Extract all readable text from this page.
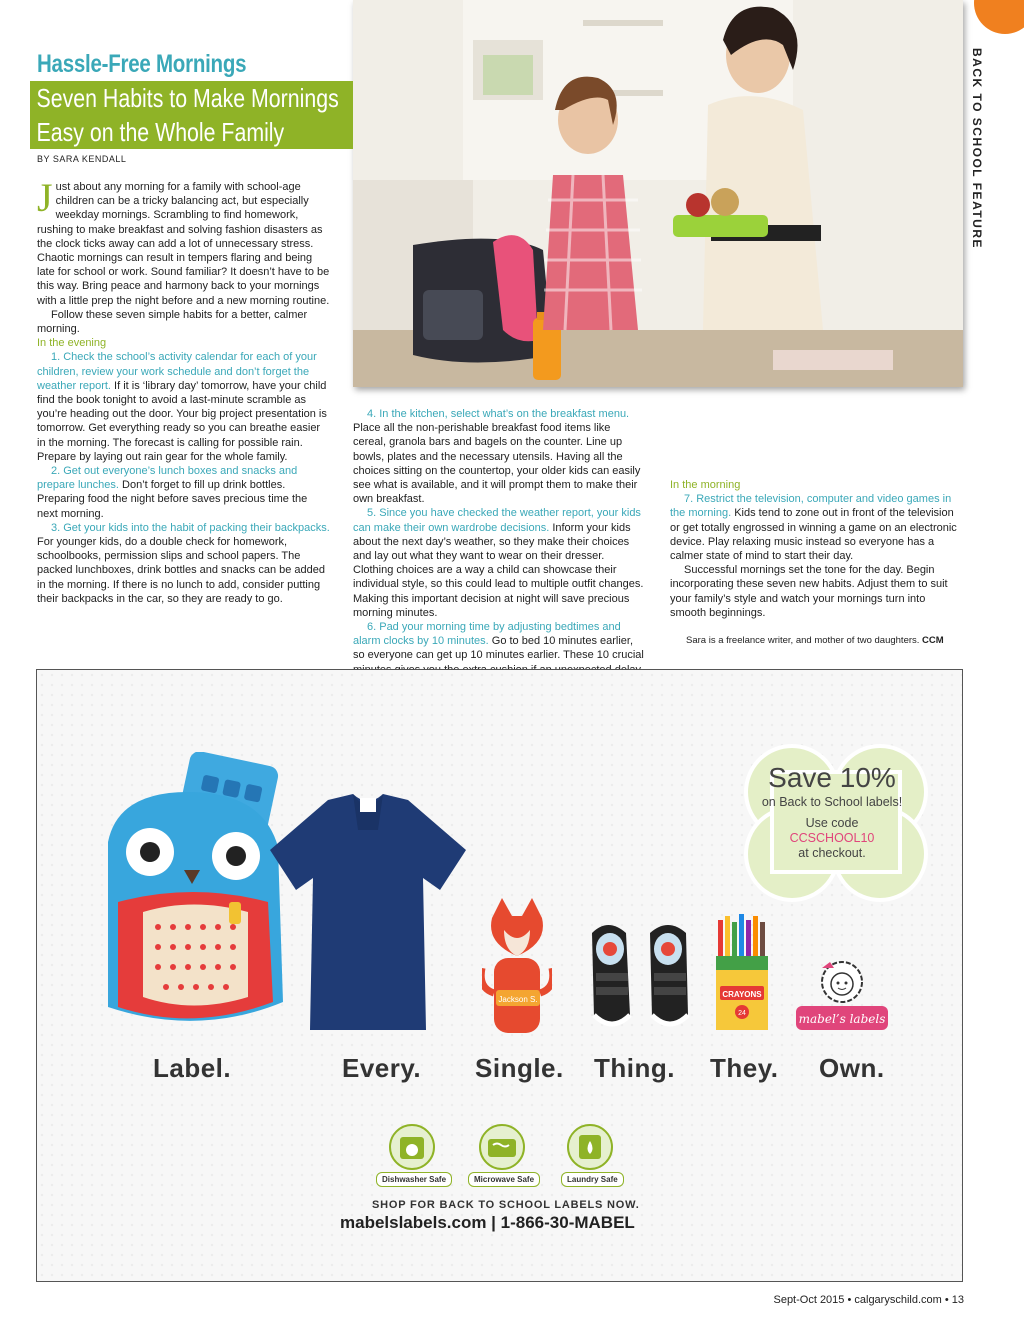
BACK TO SCHOOL FEATURE
Hassle-Free Mornings
Seven Habits to Make Mornings
Easy on the Whole Family
BY SARA KENDALL

Just about any morning for a family with school-age children can be a tricky balancing act, but especially weekday mornings. Scrambling to find homework, rushing to make breakfast and solving fashion disasters as the clock ticks away can add a lot of unnecessary stress. Chaotic mornings can result in tempers flaring and being late for school or work. Sound familiar? It doesn’t have to be this way. Bring peace and harmony back to your mornings with a little prep the night before and a new morning routine.

Follow these seven simple habits for a better, calmer morning.

In the evening

1. Check the school’s activity calendar for each of your children, review your work schedule and don’t forget the weather report. If it is ‘library day’ tomorrow, have your child find the book tonight to avoid a last-minute scramble as you’re heading out the door. Your big project presentation is tomorrow. Get everything ready so you can breathe easier in the morning. The forecast is calling for possible rain. Prepare by laying out rain gear for the whole family.

2. Get out everyone’s lunch boxes and snacks and prepare lunches. Don’t forget to fill up drink bottles. Preparing food the night before saves precious time the next morning.

3. Get your kids into the habit of packing their backpacks. For younger kids, do a double check for homework, schoolbooks, permission slips and school papers. The packed lunchboxes, drink bottles and snacks can be added in the morning. If there is no lunch to add, consider putting their backpacks in the car, so they are ready to go.

4. In the kitchen, select what’s on the breakfast menu. Place all the non-perishable breakfast food items like cereal, granola bars and bagels on the counter. Line up bowls, plates and the necessary utensils. Having all the choices sitting on the countertop, your older kids can easily see what is available, and it will prompt them to make their own breakfast.

5. Since you have checked the weather report, your kids can make their own wardrobe decisions. Inform your kids about the next day’s weather, so they make their choices and lay out what they want to wear on their dresser. Clothing choices are a way a child can showcase their individual style, so this could lead to multiple outfit changes. Making this important decision at night will save precious morning minutes.

6. Pad your morning time by adjusting bedtimes and alarm clocks by 10 minutes. Go to bed 10 minutes earlier, so everyone can get up 10 minutes earlier. These 10 crucial

In the morning

7. Restrict the television, computer and video games in the morning. Kids tend to zone out in front of the television or get totally engrossed in winning a game on an electronic device. Play relaxing music instead so everyone has a calmer state of mind to start their day.

Successful mornings set the tone for the day. Begin incorporating these seven new habits. Adjust them to suit your family’s style and watch your mornings turn into smooth beginnings.

Sara is a freelance writer, and mother of two daughters. CCM
Save 10%
on Back to School labels!
Use code
CCSCHOOL10
at checkout.
Jackson S.
CRAYONS
24	mabel’s labels
Label.	Every. Single. Thing. They. Own.
Dishwasher Safe	Microwave Safe	Laundry Safe
SHOP FOR BACK TO SCHOOL LABELS NOW.
mabelslabels.com | 1-866-30-MABEL
Sept-Oct 2015 • calgaryschild.com • 13
